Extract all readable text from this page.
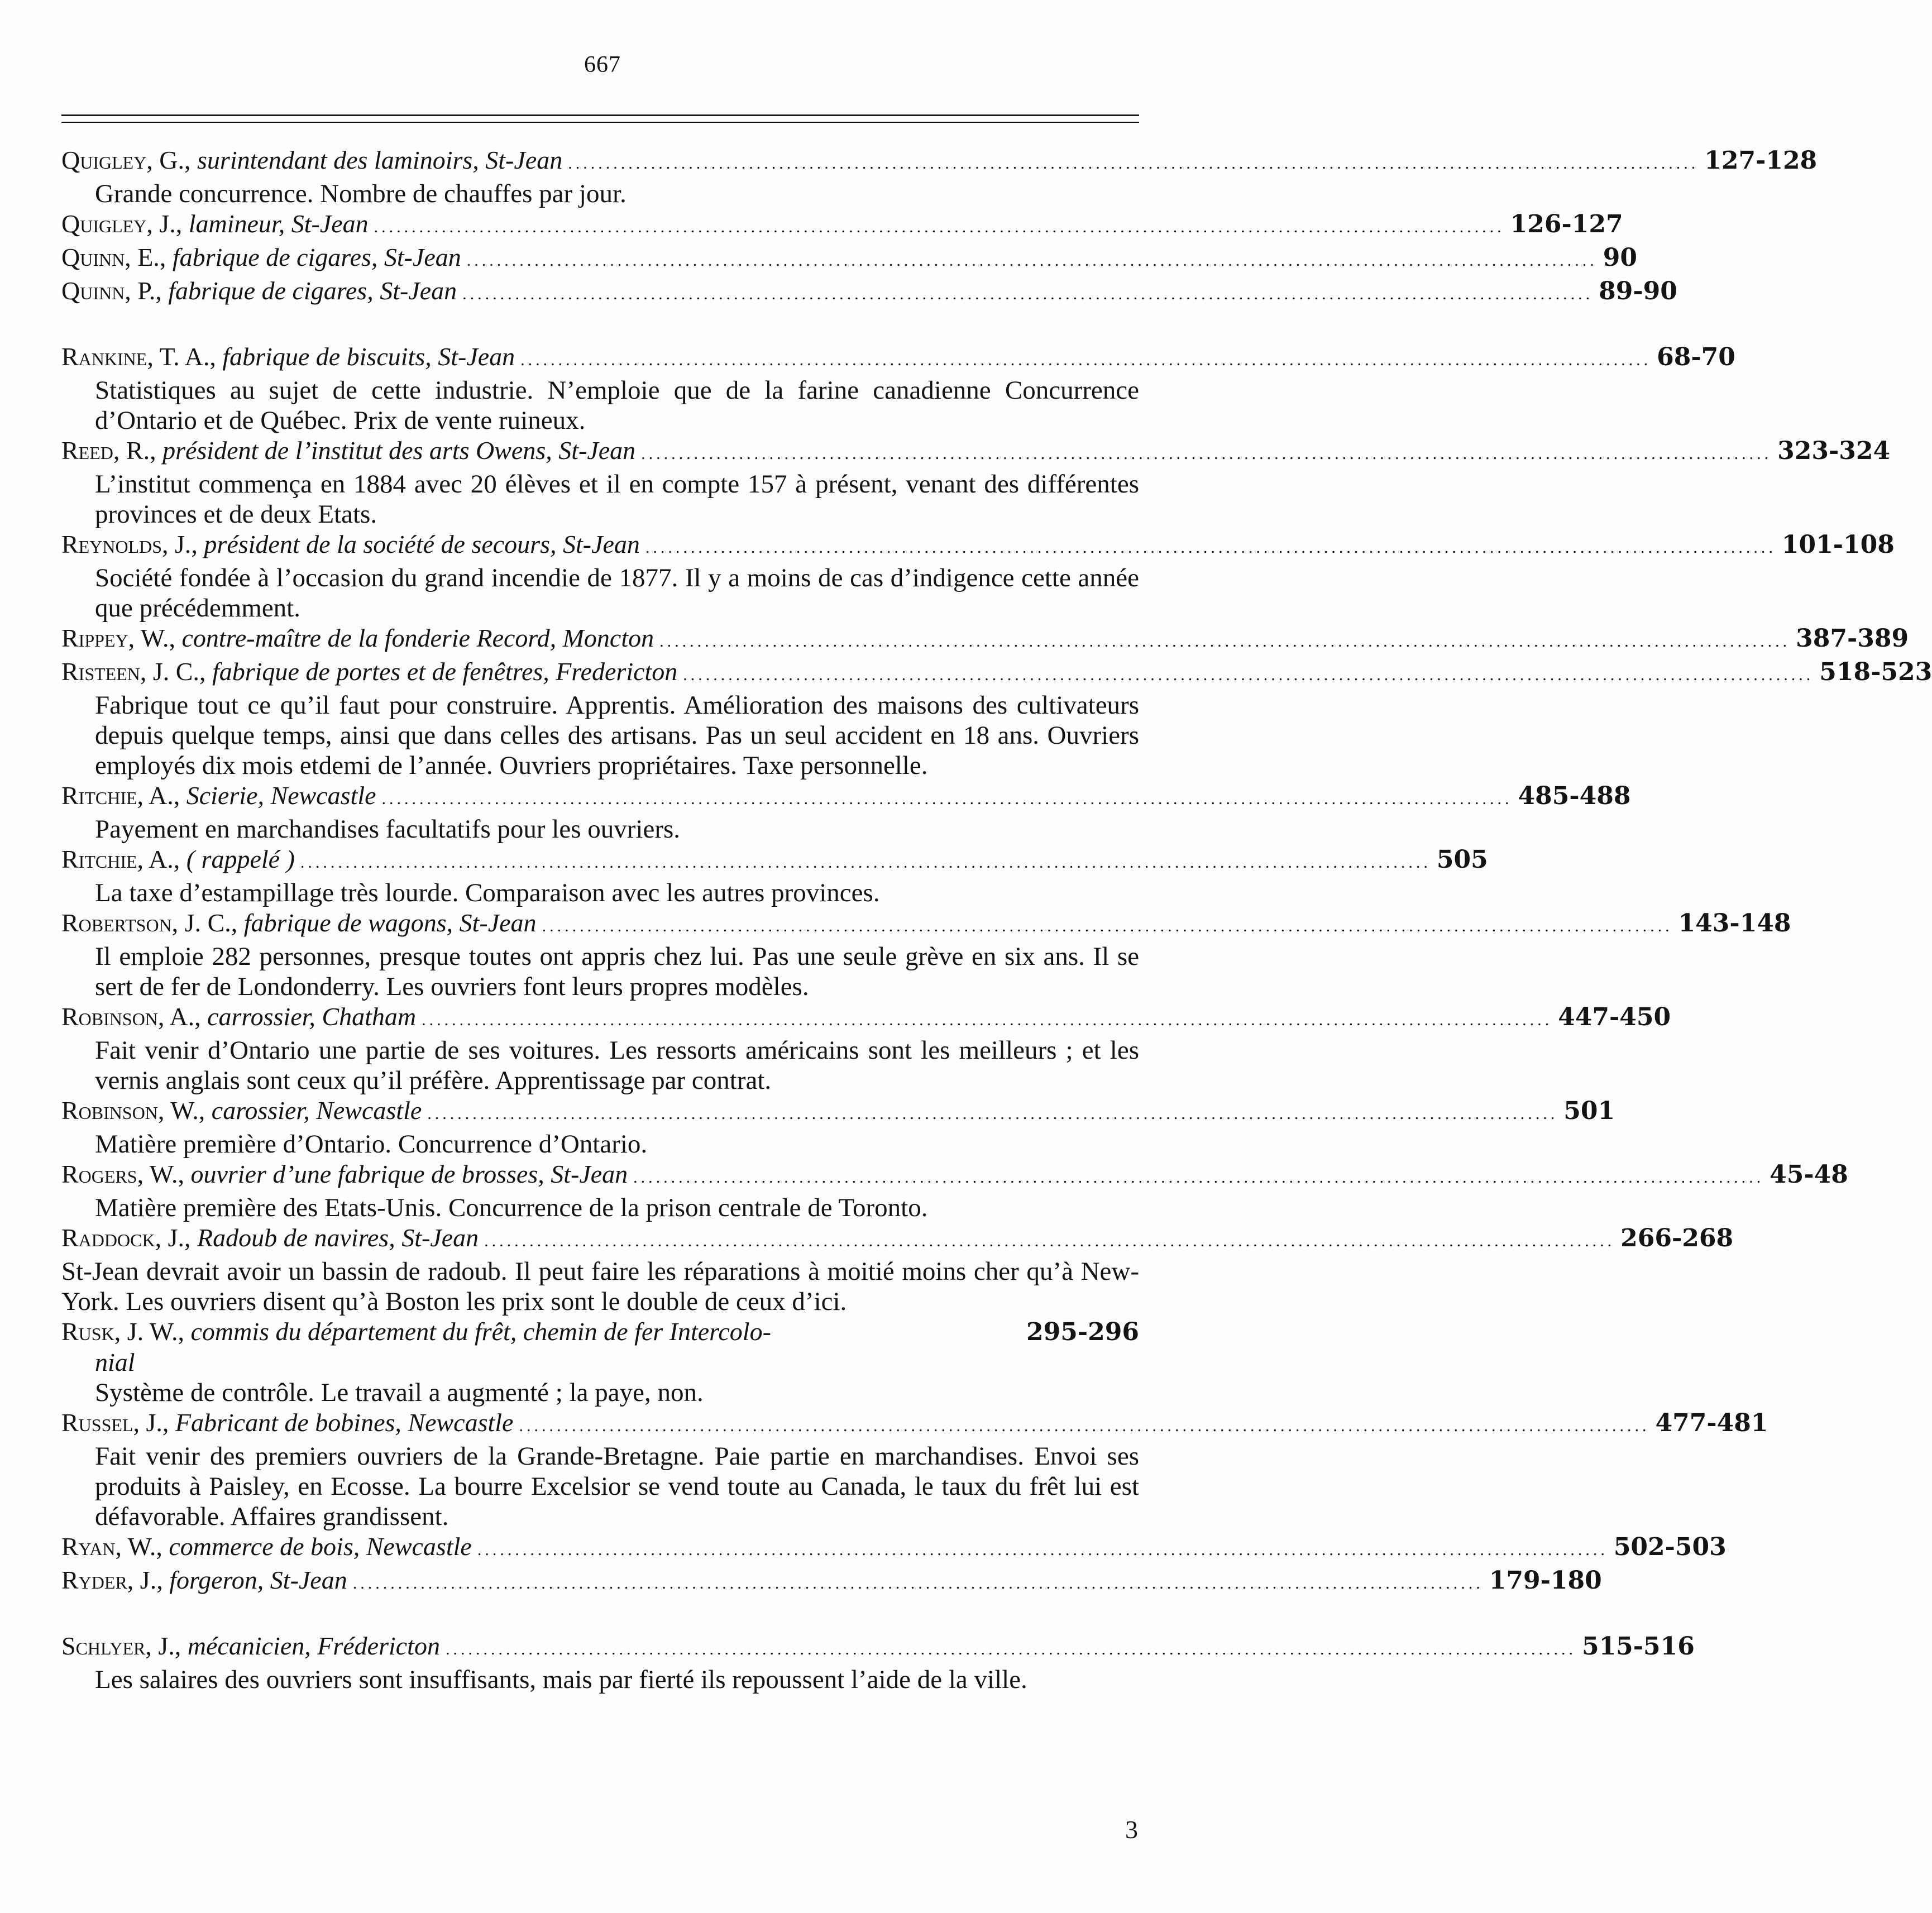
667
Quigley, G. , surintendant des laminoirs, St-Jean ...................................................................................................................................................... 127-128
Grande concurrence. Nombre de chauffes par jour.
Quigley, J. , lamineur, St-Jean ...................................................................................................................................................... 126-127
Quinn, E. , fabrique de cigares, St-Jean ...................................................................................................................................................... 90
Quinn, P. , fabrique de cigares, St-Jean ...................................................................................................................................................... 89-90
Rankine, T. A. , fabrique de biscuits, St-Jean ...................................................................................................................................................... 68-70
Statistiques au sujet de cette industrie. N’emploie que de la farine canadienne Concurrence d’Ontario et de Québec. Prix de vente ruineux.
Reed, R. , président de l’institut des arts Owens, St-Jean ...................................................................................................................................................... 323-324
L’institut commença en 1884 avec 20 élèves et il en compte 157 à présent, venant des différentes provinces et de deux Etats.
Reynolds, J. , président de la société de secours, St-Jean ...................................................................................................................................................... 101-108
Société fondée à l’occasion du grand incendie de 1877. Il y a moins de cas d’indigence cette année que précédemment.
Rippey, W. , contre-maître de la fonderie Record, Moncton ...................................................................................................................................................... 387-389
Risteen, J. C. , fabrique de portes et de fenêtres, Fredericton ...................................................................................................................................................... 518-523
Fabrique tout ce qu’il faut pour construire. Apprentis. Amélioration des maisons des cultivateurs depuis quelque temps, ainsi que dans celles des artisans. Pas un seul accident en 18 ans. Ouvriers employés dix mois etdemi de l’année. Ouvriers propriétaires. Taxe personnelle.
Ritchie, A. , Scierie, Newcastle ...................................................................................................................................................... 485-488
Payement en marchandises facultatifs pour les ouvriers.
Ritchie, A. , ( rappelé ) ...................................................................................................................................................... 505
La taxe d’estampillage très lourde. Comparaison avec les autres provinces.
Robertson, J. C. , fabrique de wagons, St-Jean ...................................................................................................................................................... 143-148
Il emploie 282 personnes, presque toutes ont appris chez lui. Pas une seule grève en six ans. Il se sert de fer de Londonderry. Les ouvriers font leurs propres modèles.
Robinson, A. , carrossier, Chatham ...................................................................................................................................................... 447-450
Fait venir d’Ontario une partie de ses voitures. Les ressorts américains sont les meilleurs ; et les vernis anglais sont ceux qu’il préfère. Apprentissage par contrat.
Robinson, W. , carossier, Newcastle ...................................................................................................................................................... 501
Matière première d’Ontario. Concurrence d’Ontario.
Rogers, W. , ouvrier d’une fabrique de brosses, St-Jean ...................................................................................................................................................... 45-48
Matière première des Etats-Unis. Concurrence de la prison centrale de Toronto.
Raddock, J. , Radoub de navires, St-Jean ...................................................................................................................................................... 266-268
St-Jean devrait avoir un bassin de radoub. Il peut faire les réparations à moitié moins cher qu’à New-York. Les ouvriers disent qu’à Boston les prix sont le double de ceux d’ici.
Rusk, J. W. , commis du département du frêt, chemin de fer Intercolo-	295-296
nial
Système de contrôle. Le travail a augmenté ; la paye, non.
Russel, J. , Fabricant de bobines, Newcastle ...................................................................................................................................................... 477-481
Fait venir des premiers ouvriers de la Grande-Bretagne. Paie partie en marchandises. Envoi ses produits à Paisley, en Ecosse. La bourre Excelsior se vend toute au Canada, le taux du frêt lui est défavorable. Affaires grandissent.
Ryan, W. , commerce de bois, Newcastle ...................................................................................................................................................... 502-503
Ryder, J. , forgeron, St-Jean ...................................................................................................................................................... 179-180
Schlyer, J. , mécanicien, Frédericton ...................................................................................................................................................... 515-516
Les salaires des ouvriers sont insuffisants, mais par fierté ils repoussent l’aide de la ville.
3
